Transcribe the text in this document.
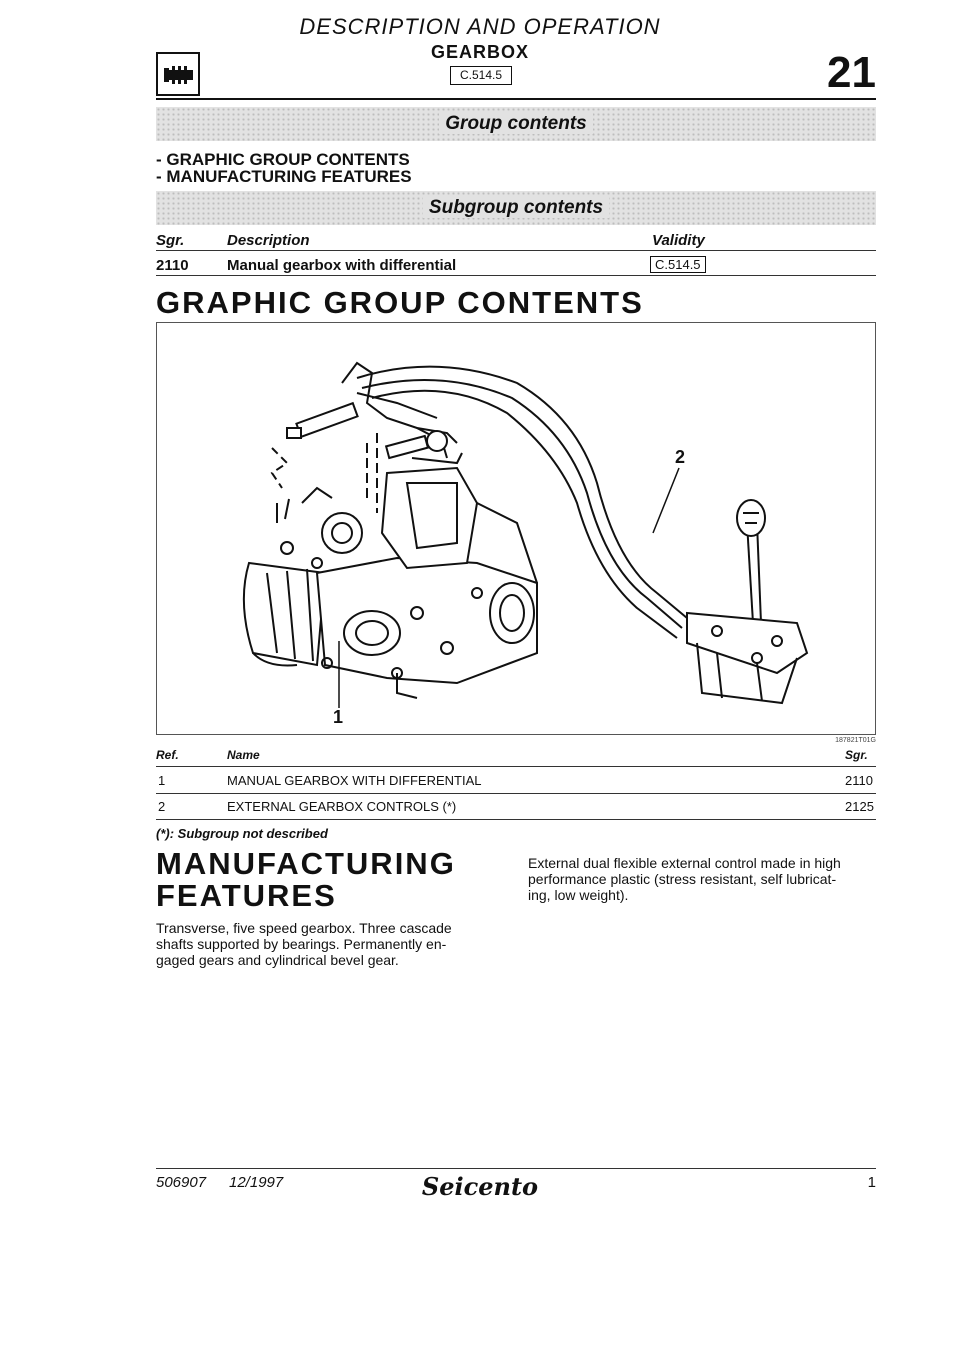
DESCRIPTION AND OPERATION
GEARBOX
C.514.5	21
Group contents
- GRAPHIC GROUP CONTENTS
- MANUFACTURING FEATURES
Subgroup contents
Sgr.	Description	Validity
2110	Manual gearbox with differential	C.514.5
GRAPHIC GROUP CONTENTS
1
2
187821T01G
Ref.	Name	Sgr.
1	MANUAL GEARBOX WITH DIFFERENTIAL	2110
2	EXTERNAL GEARBOX CONTROLS (*)	2125
(*): Subgroup not described
MANUFACTURING
FEATURES
Transverse, five speed gearbox. Three cascade
shafts supported by bearings. Permanently en-
gaged gears and cylindrical bevel gear.
External dual flexible external control made in high
performance plastic (stress resistant, self lubricat-
ing, low weight).
506907 12/1997	Seicento	1
